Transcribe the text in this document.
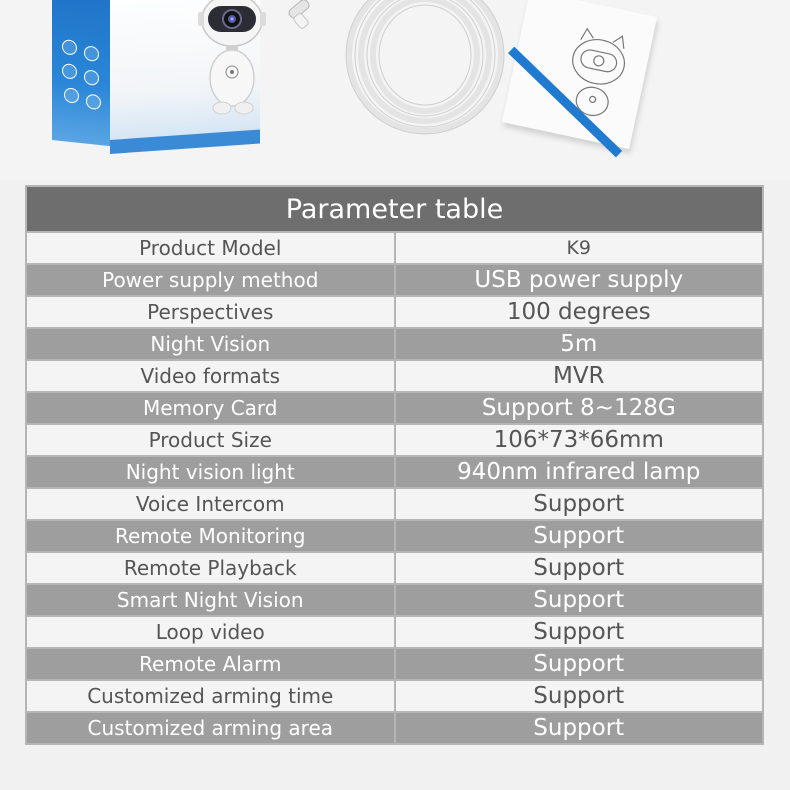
Parameter table	
Product Model	K9
Power supply method	USB power supply
Perspectives	100 degrees
Night Vision	5m
Video formats	MVR
Memory Card	Support 8~128G
Product Size	106*73*66mm
Night vision light	940nm infrared lamp
Voice Intercom	Support
Remote Monitoring	Support
Remote Playback	Support
Smart Night Vision	Support
Loop video	Support
Remote Alarm	Support
Customized arming time	Support
Customized arming area	Support
